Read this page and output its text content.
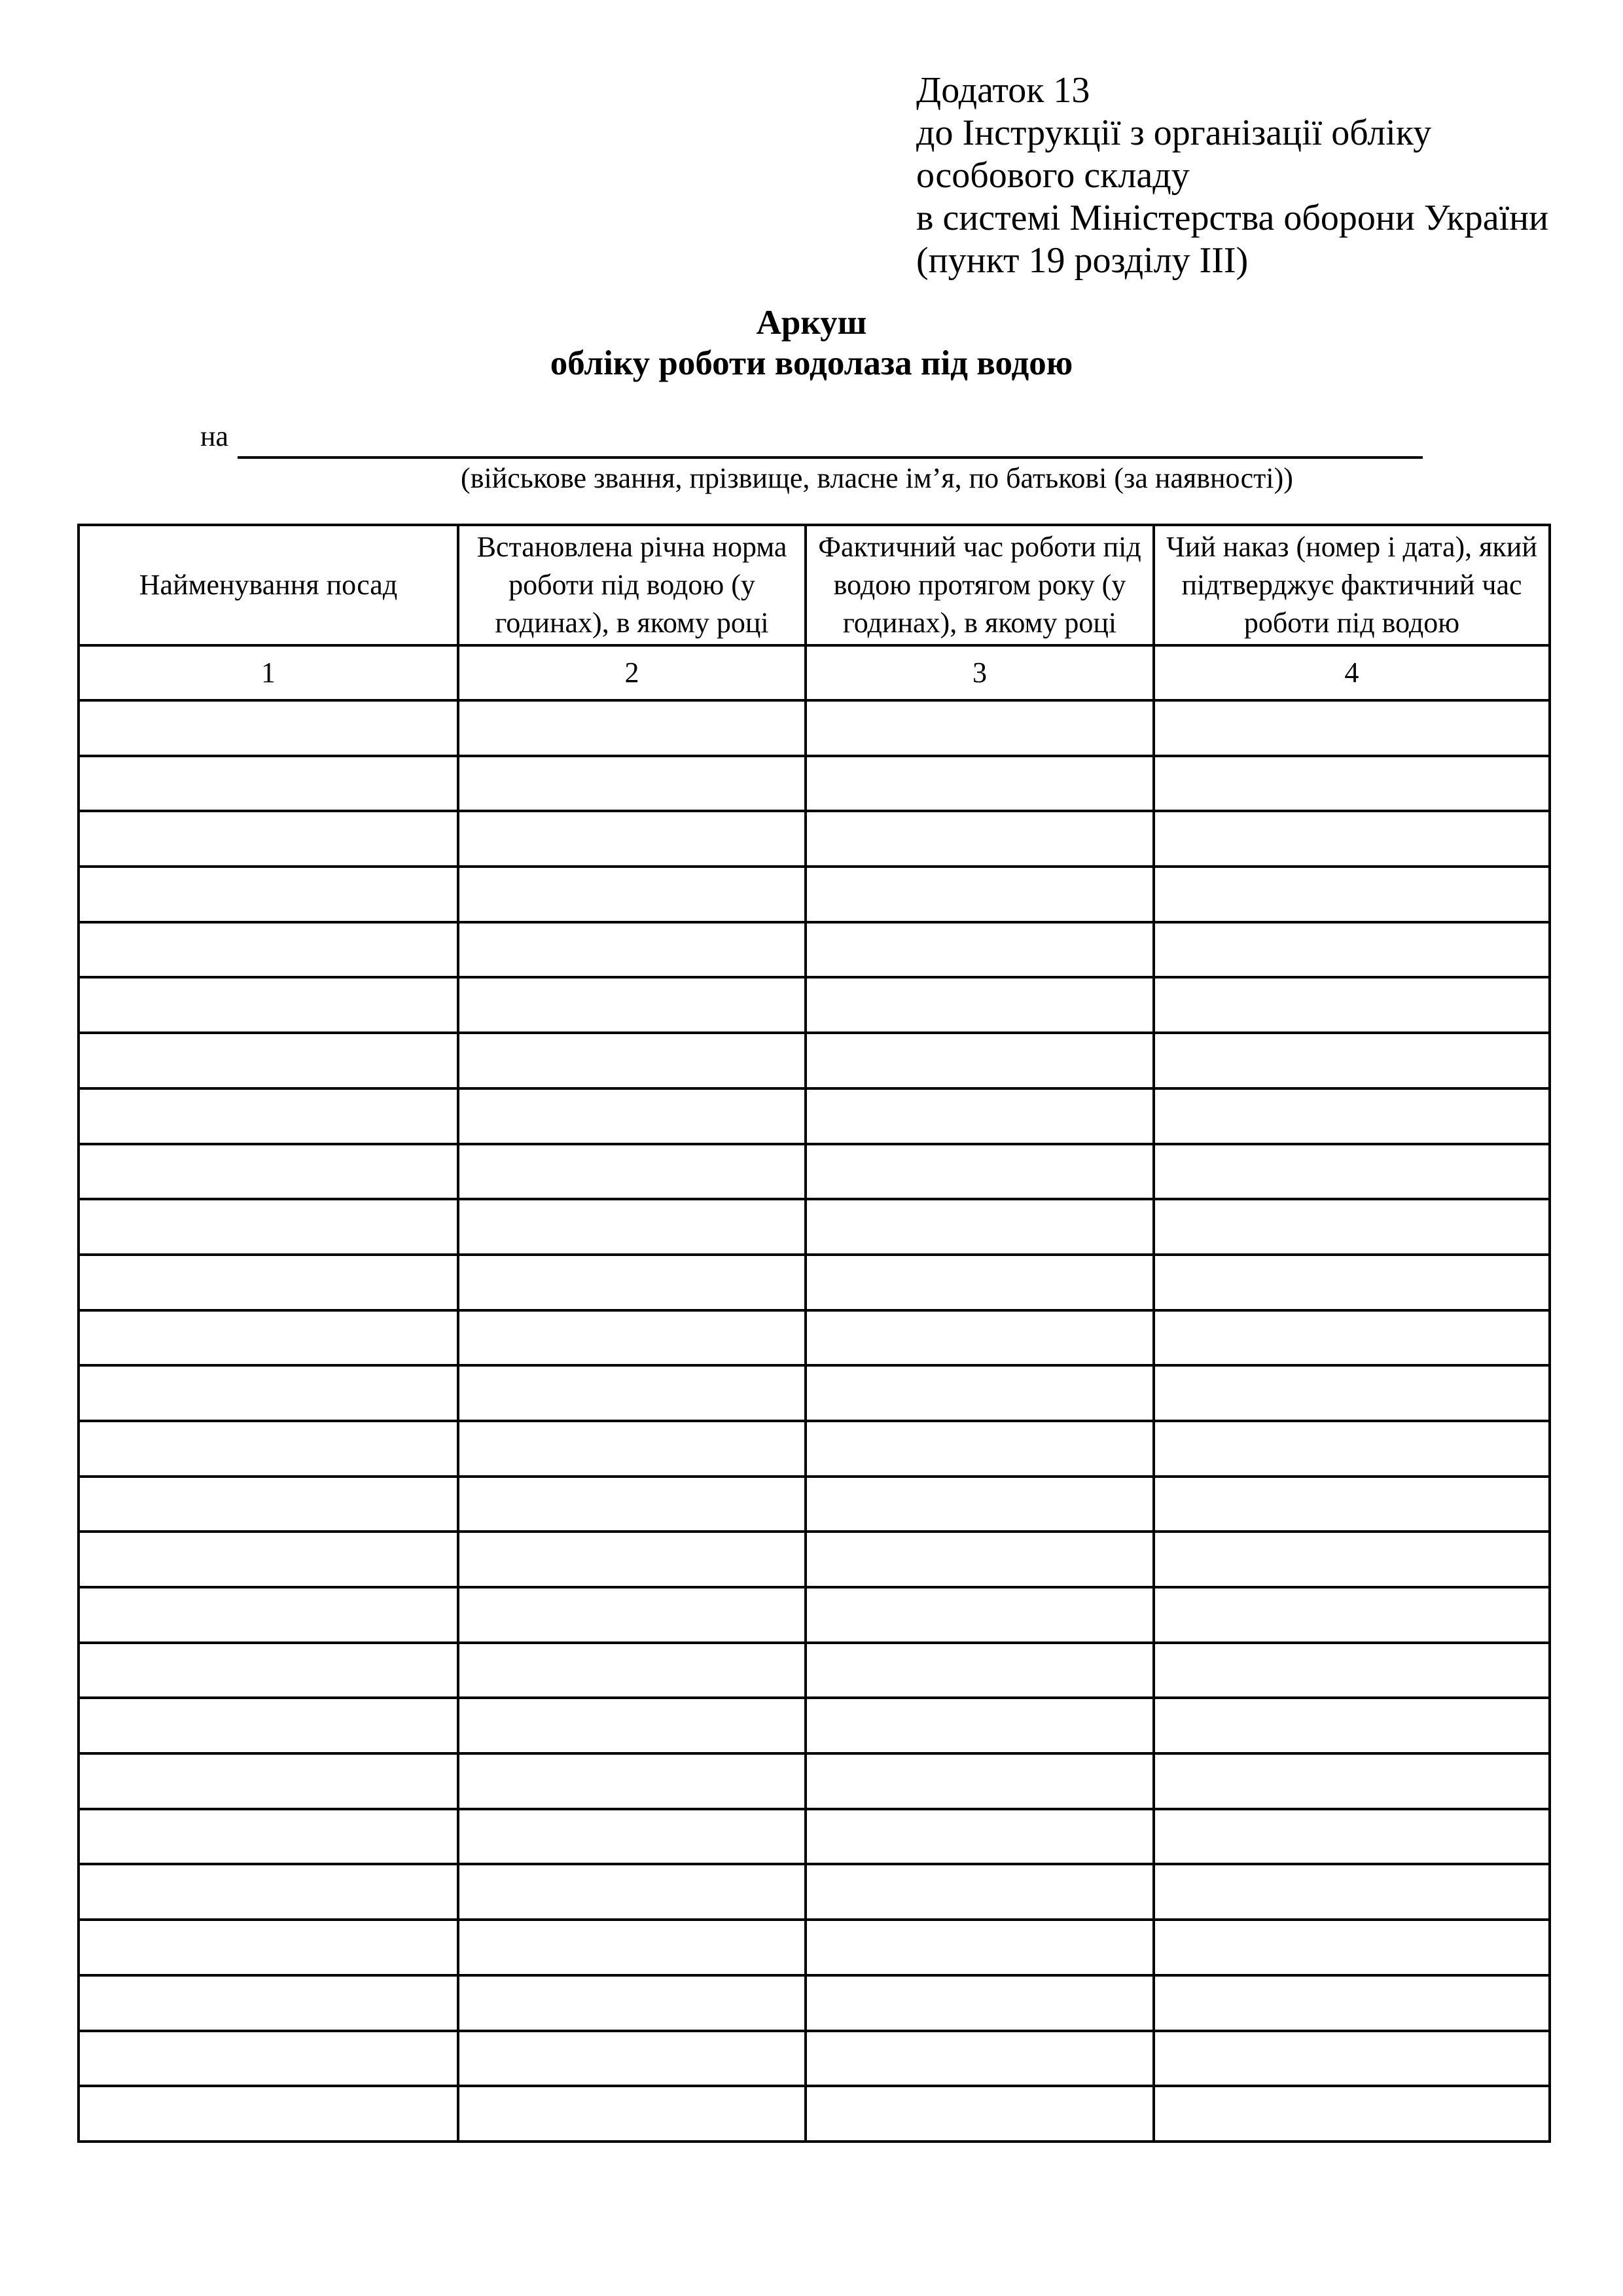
Додаток 13
до Інструкції з організації обліку
особового складу
в системі Міністерства оборони України
(пункт 19 розділу ІІІ)
Аркуш
обліку роботи водолаза під водою
на
(військове звання, прізвище, власне ім’я, по батькові (за наявності))
Найменування посад	Встановлена річна норма роботи під водою (у годинах), в якому році	Фактичний час роботи під водою протягом року (у годинах), в якому році	Чий наказ (номер і дата), який підтверджує фактичний час роботи під водою

1	2	3	4
